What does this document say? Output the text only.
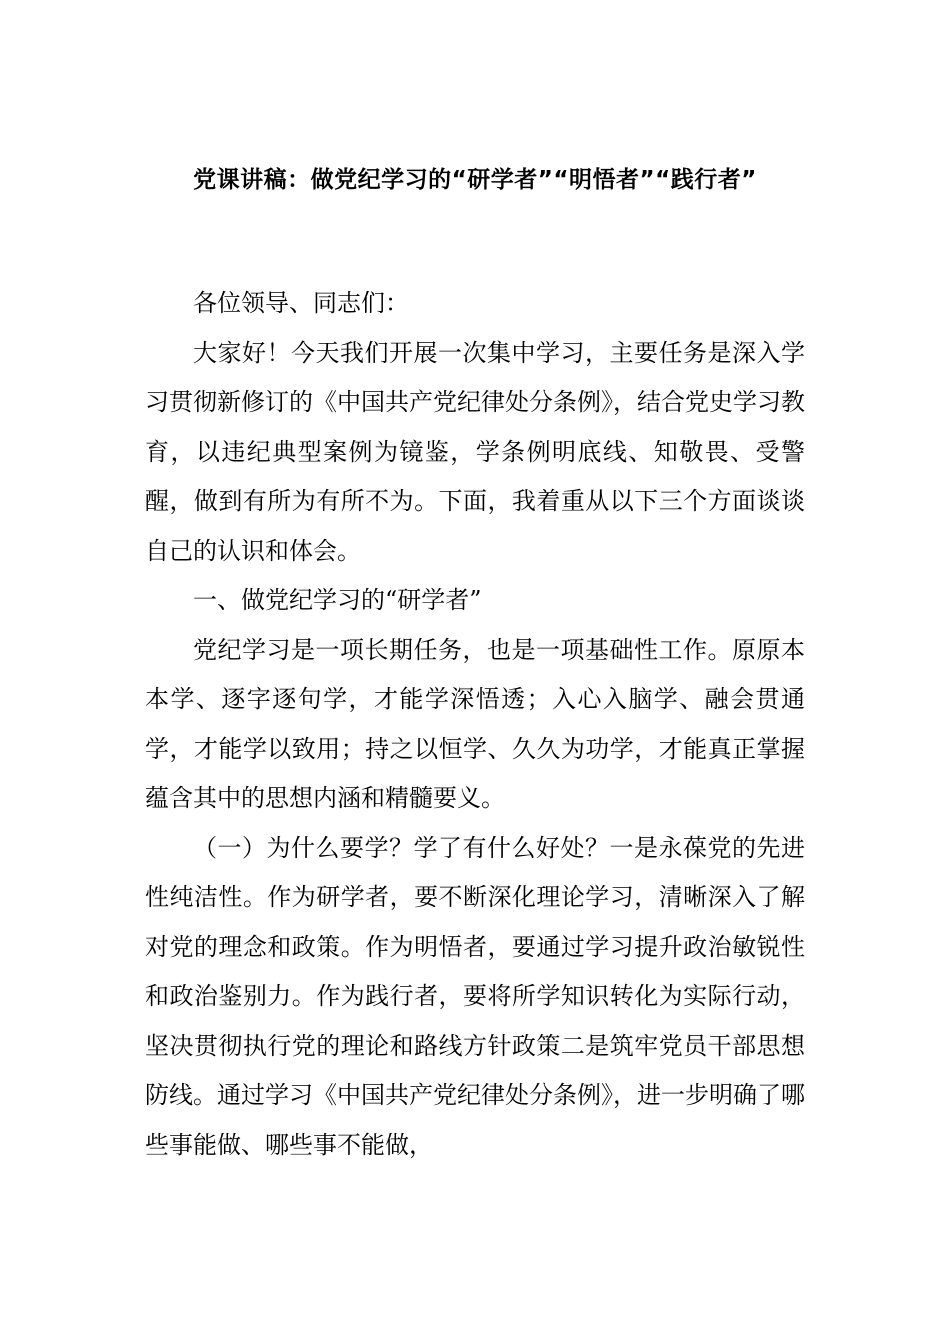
党课讲稿：做党纪学习的“研学者”“明悟者”“践行者”

各位领导、同志们：

大家好！今天我们开展一次集中学习，主要任务是深入学习贯彻新修订的《中国共产党纪律处分条例》，结合党史学习教育，以违纪典型案例为镜鉴，学条例明底线、知敬畏、受警醒，做到有所为有所不为。下面，我着重从以下三个方面谈谈自己的认识和体会。

一、做党纪学习的“研学者”

党纪学习是一项长期任务，也是一项基础性工作。原原本本学、逐字逐句学，才能学深悟透；入心入脑学、融会贯通学，才能学以致用；持之以恒学、久久为功学，才能真正掌握蕴含其中的思想内涵和精髓要义。

（一）为什么要学？学了有什么好处？一是永葆党的先进性纯洁性。作为研学者，要不断深化理论学习，清晰深入了解对党的理念和政策。作为明悟者，要通过学习提升政治敏锐性和政治鉴别力。作为践行者，要将所学知识转化为实际行动，坚决贯彻执行党的理论和路线方针政策二是筑牢党员干部思想防线。通过学习《中国共产党纪律处分条例》，进一步明确了哪些事能做、哪些事不能做，
